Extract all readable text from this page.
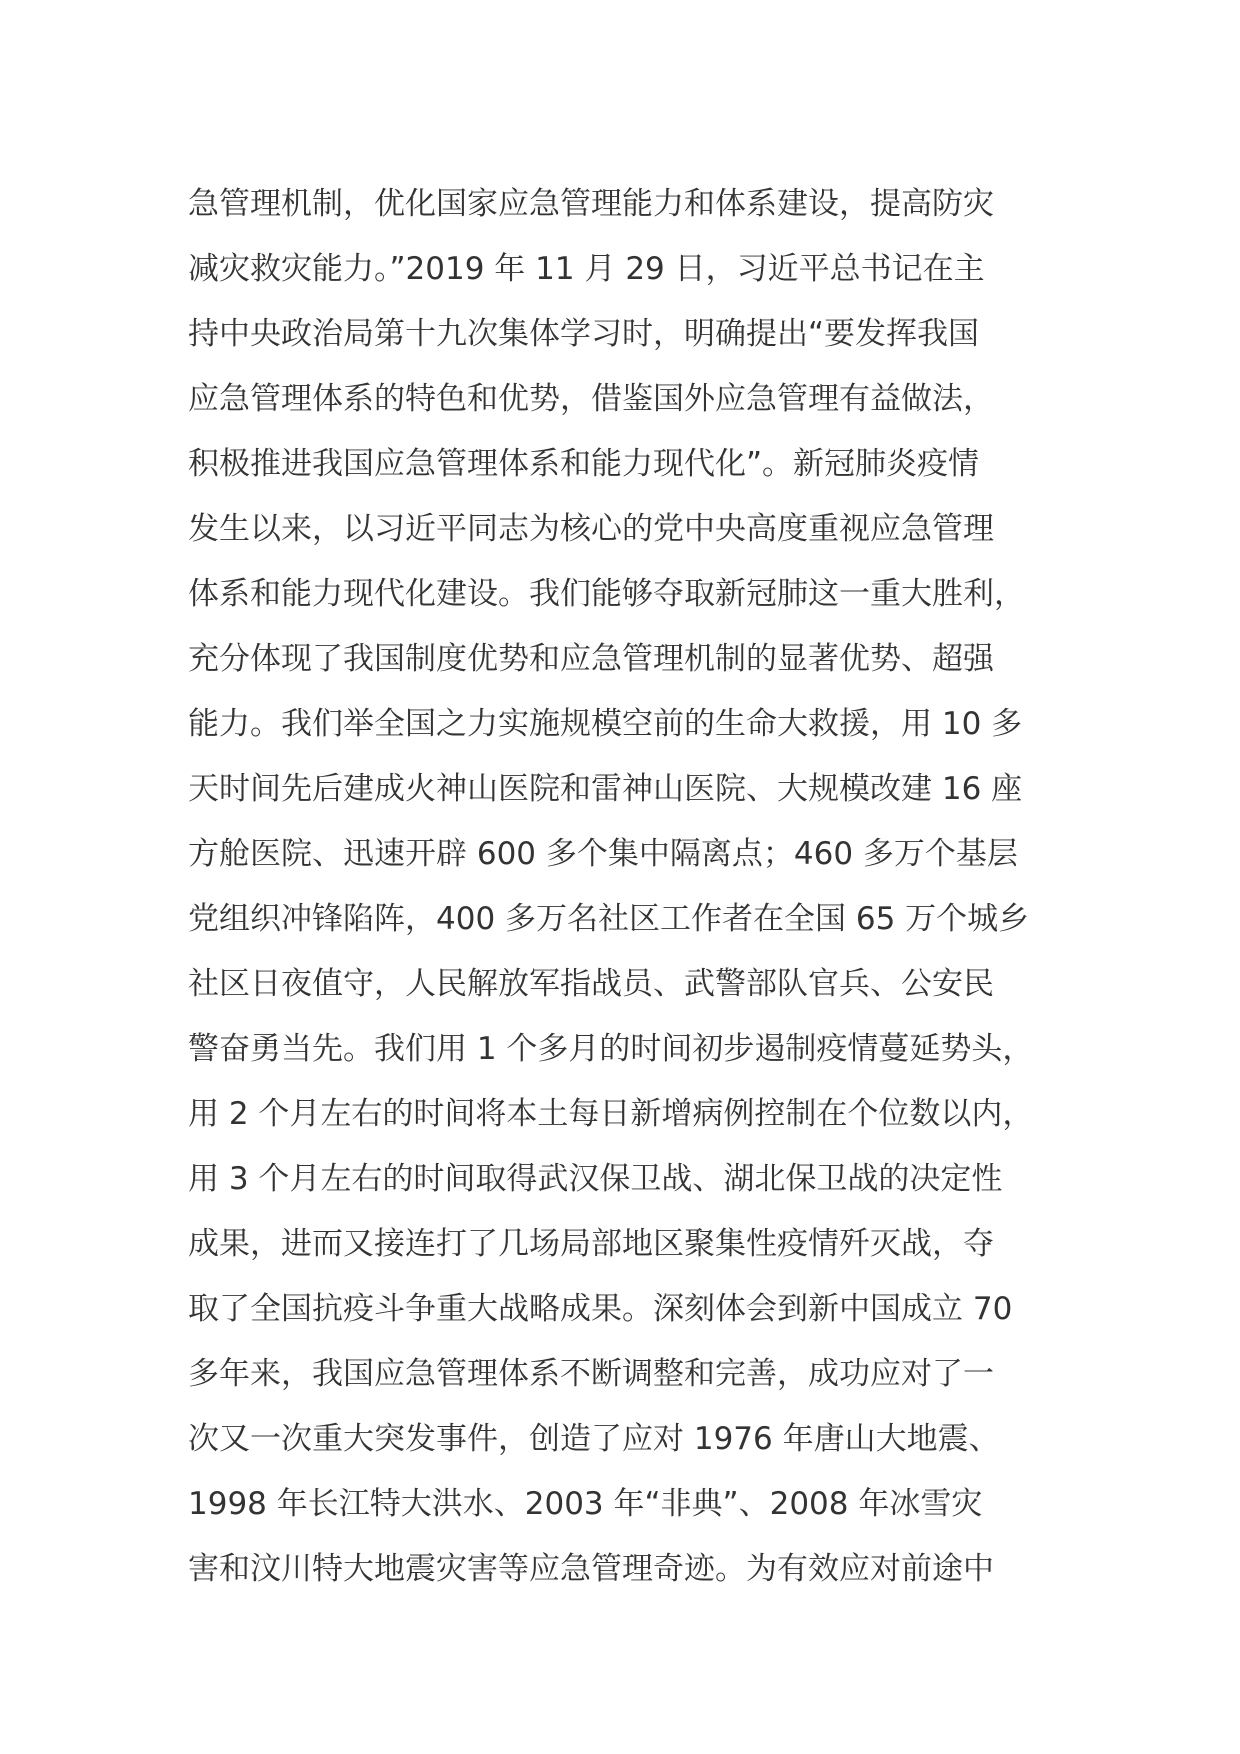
急管理机制，优化国家应急管理能力和体系建设，提高防灾
减灾救灾能力。”2019 年 11 月 29 日，习近平总书记在主
持中央政治局第十九次集体学习时，明确提出“要发挥我国
应急管理体系的特色和优势，借鉴国外应急管理有益做法，
积极推进我国应急管理体系和能力现代化”。新冠肺炎疫情
发生以来，以习近平同志为核心的党中央高度重视应急管理
体系和能力现代化建设。我们能够夺取新冠肺这一重大胜利，
充分体现了我国制度优势和应急管理机制的显著优势、超强
能力。我们举全国之力实施规模空前的生命大救援，用 10 多
天时间先后建成火神山医院和雷神山医院、大规模改建 16 座
方舱医院、迅速开辟 600 多个集中隔离点；460 多万个基层
党组织冲锋陷阵，400 多万名社区工作者在全国 65 万个城乡
社区日夜值守，人民解放军指战员、武警部队官兵、公安民
警奋勇当先。我们用 1 个多月的时间初步遏制疫情蔓延势头，
用 2 个月左右的时间将本土每日新增病例控制在个位数以内，
用 3 个月左右的时间取得武汉保卫战、湖北保卫战的决定性
成果，进而又接连打了几场局部地区聚集性疫情歼灭战，夺
取了全国抗疫斗争重大战略成果。深刻体会到新中国成立 70
多年来，我国应急管理体系不断调整和完善，成功应对了一
次又一次重大突发事件，创造了应对 1976 年唐山大地震、
1998 年长江特大洪水、2003 年“非典”、2008 年冰雪灾
害和汶川特大地震灾害等应急管理奇迹。为有效应对前途中
